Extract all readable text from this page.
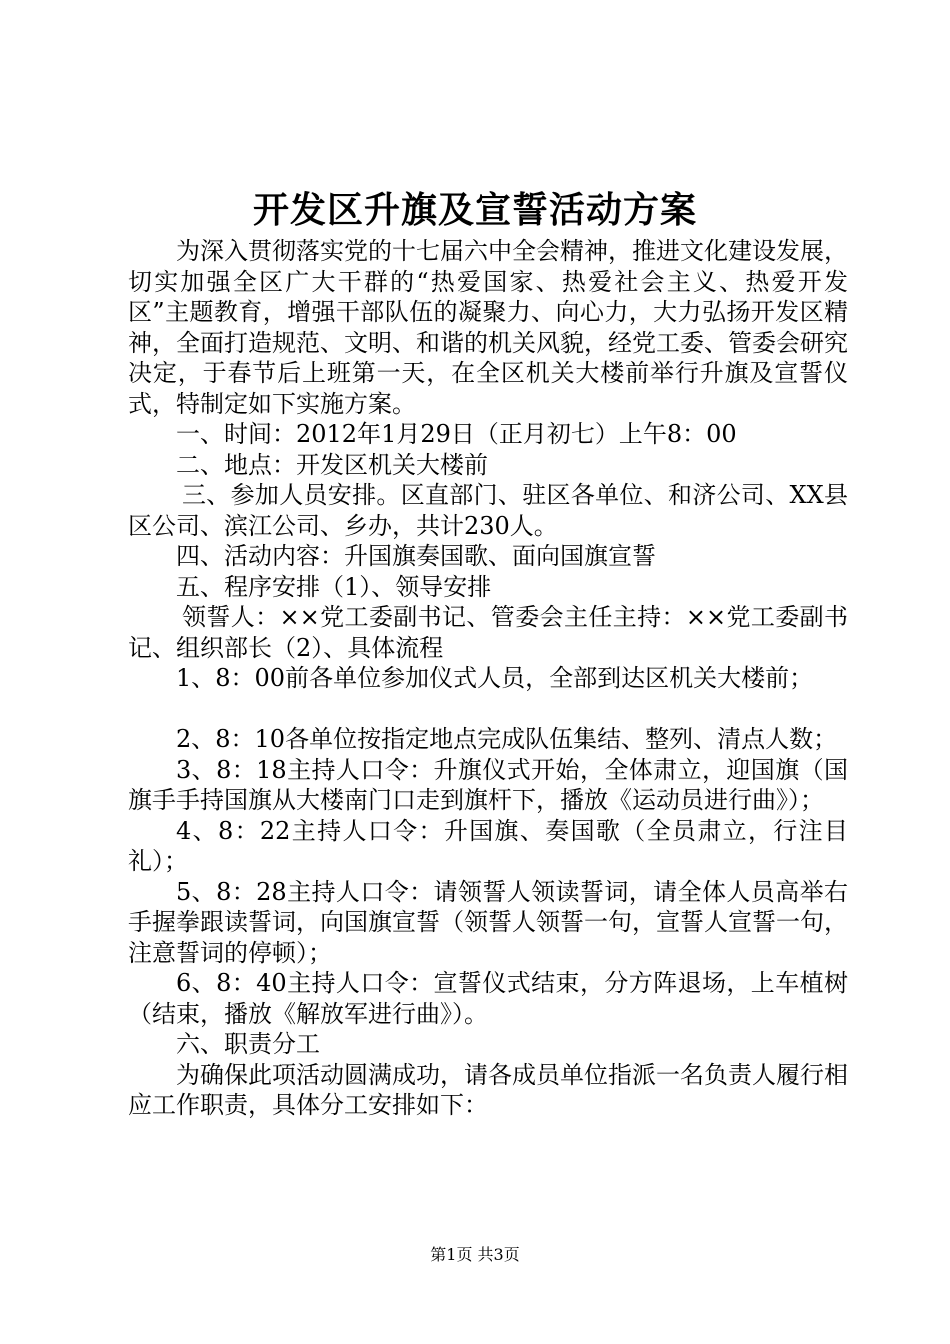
开发区升旗及宣誓活动方案

为深入贯彻落实党的十七届六中全会精神，推进文化建设发展，切实加强全区广大干群的“热爱国家、热爱社会主义、热爱开发区”主题教育，增强干部队伍的凝聚力、向心力，大力弘扬开发区精神，全面打造规范、文明、和谐的机关风貌，经党工委、管委会研究决定，于春节后上班第一天，在全区机关大楼前举行升旗及宣誓仪式，特制定如下实施方案。

一、时间：2012年1月29日（正月初七）上午8：00

二、地点：开发区机关大楼前

三、参加人员安排。区直部门、驻区各单位、和济公司、XX县区公司、滨江公司、乡办，共计230人。

四、活动内容：升国旗奏国歌、面向国旗宣誓

五、程序安排（1）、领导安排

领誓人：××党工委副书记、管委会主任主持：××党工委副书记、组织部长（2）、具体流程

1、8：00前各单位参加仪式人员，全部到达区机关大楼前；

2、8：10各单位按指定地点完成队伍集结、整列、清点人数；

3、8：18主持人口令：升旗仪式开始，全体肃立，迎国旗（国旗手手持国旗从大楼南门口走到旗杆下，播放《运动员进行曲》）；

4、8：22主持人口令：升国旗、奏国歌（全员肃立，行注目礼）；

5、8：28主持人口令：请领誓人领读誓词，请全体人员高举右手握拳跟读誓词，向国旗宣誓（领誓人领誓一句，宣誓人宣誓一句，注意誓词的停顿）；

6、8：40主持人口令：宣誓仪式结束，分方阵退场，上车植树（结束，播放《解放军进行曲》）。

六、职责分工

为确保此项活动圆满成功，请各成员单位指派一名负责人履行相应工作职责，具体分工安排如下：

第1页 共3页
